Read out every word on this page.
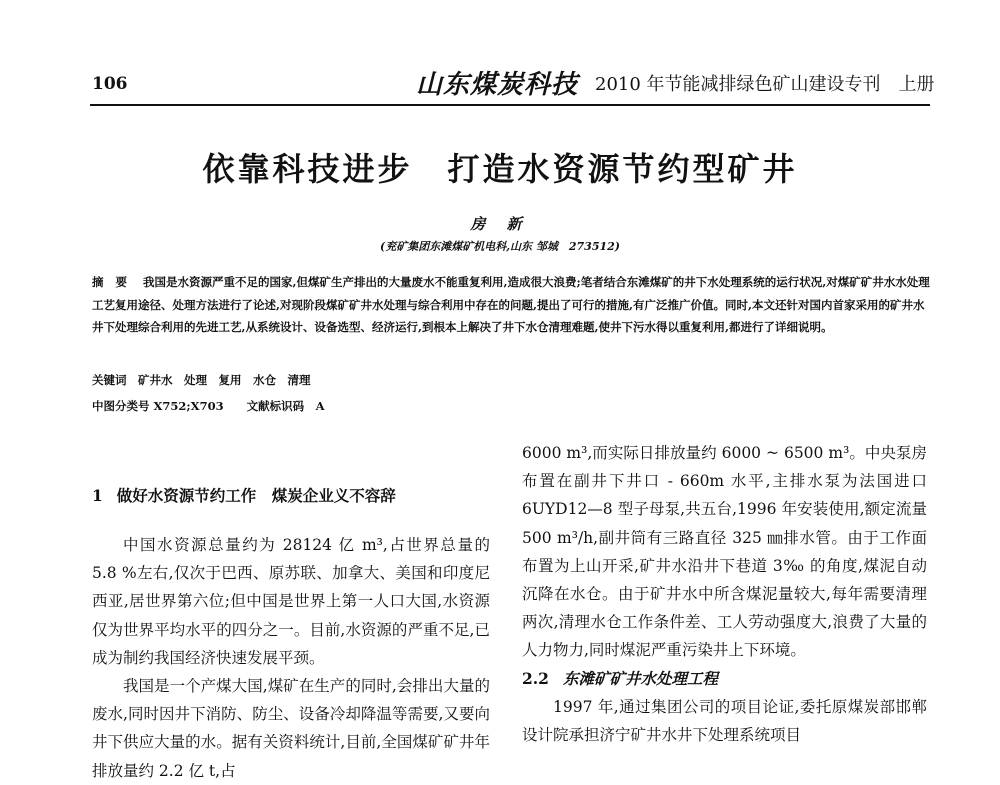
106	山东煤炭科技 2010 年节能减排绿色矿山建设专刊　上册
依靠科技进步　打造水资源节约型矿井
房 新
(兖矿集团东滩煤矿机电科,山东 邹城　273512)
摘 要 我国是水资源严重不足的国家,但煤矿生产排出的大量废水不能重复利用,造成很大浪费;笔者结合东滩煤矿的井下水处理系统的运行状况,对煤矿矿井水水处理工艺复用途径、处理方法进行了论述,对现阶段煤矿矿井水处理与综合利用中存在的问题,提出了可行的措施,有广泛推广价值。同时,本文还针对国内首家采用的矿井水井下处理综合利用的先进工艺,从系统设计、设备选型、经济运行,到根本上解决了井下水仓清理难题,使井下污水得以重复利用,都进行了详细说明。
关键词　矿井水　处理　复用　水仓　清理
中图分类号 X752;X703　　文献标识码　A
1 做好水资源节约工作　煤炭企业义不容辞

中国水资源总量约为 28124 亿 m³,占世界总量的 5.8 %左右,仅次于巴西、原苏联、加拿大、美国和印度尼西亚,居世界第六位;但中国是世界上第一人口大国,水资源仅为世界平均水平的四分之一。目前,水资源的严重不足,已成为制约我国经济快速发展平颈。

我国是一个产煤大国,煤矿在生产的同时,会排出大量的废水,同时因井下消防、防尘、设备冷却降温等需要,又要向井下供应大量的水。据有关资料统计,目前,全国煤矿矿井年排放量约 2.2 亿 t,占

6000 m³,而实际日排放量约 6000 ~ 6500 m³。中央泵房布置在副井下井口 - 660m 水平,主排水泵为法国进口 6UYD12—8 型子母泵,共五台,1996 年安装使用,额定流量 500 m³/h,副井筒有三路直径 325 ㎜排水管。由于工作面布置为上山开采,矿井水沿井下巷道 3‰ 的角度,煤泥自动沉降在水仓。由于矿井水中所含煤泥量较大,每年需要清理两次,清理水仓工作条件差、工人劳动强度大,浪费了大量的人力物力,同时煤泥严重污染井上下环境。

2.2 东滩矿矿井水处理工程

1997 年,通过集团公司的项目论证,委托原煤炭部邯郸设计院承担济宁矿井水井下处理系统项目
